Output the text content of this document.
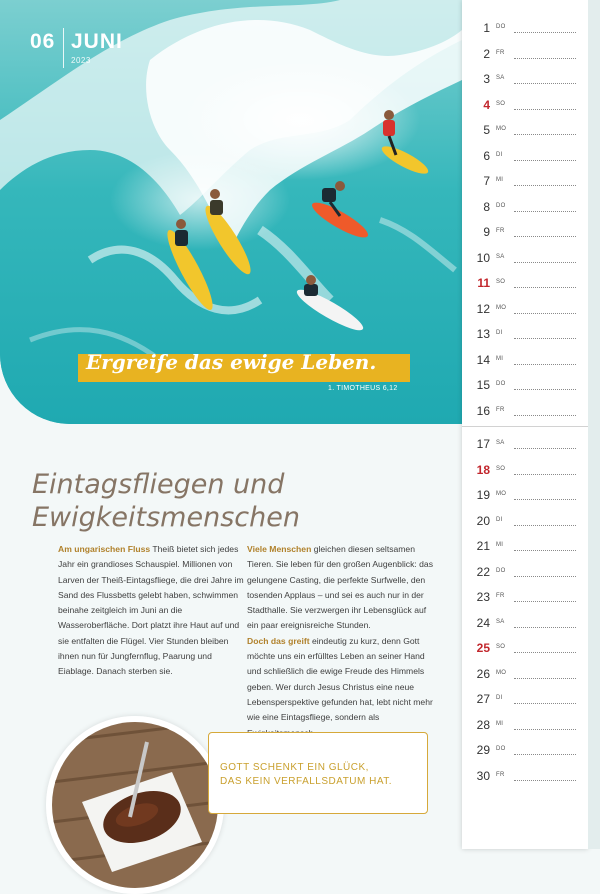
06 JUNI
2023
Ergreife das ewige Leben.
1. TIMOTHEUS 6,12
Eintagsfliegen und
Ewigkeitsmenschen

Am ungarischen Fluss Theiß bietet sich jedes Jahr ein grandioses Schauspiel. Millionen von Larven der Theiß-Eintagsfliege, die drei Jahre im Sand des Flussbetts gelebt haben, schwimmen beinahe zeitgleich im Juni an die Wasseroberfläche. Dort platzt ihre Haut auf und sie entfalten die Flügel. Vier Stunden bleiben ihnen nun für Jungfernflug, Paarung und Eiablage. Danach sterben sie.

Viele Menschen gleichen diesen seltsamen Tieren. Sie leben für den großen Augenblick: das gelungene Casting, die perfekte Surfwelle, den tosenden Applaus – und sei es auch nur in der Stadthalle. Sie verzwergen ihr Lebensglück auf ein paar ereignisreiche Stunden.

Doch das greift eindeutig zu kurz, denn Gott möchte uns ein erfülltes Leben an seiner Hand und schließlich die ewige Freude des Himmels geben. Wer durch Jesus Christus eine neue Lebensperspektive gefunden hat, lebt nicht mehr wie eine Eintagsfliege, sondern als

GOTT SCHENKT EIN GLÜCK,
DAS KEIN VERFALLSDATUM HAT.
1 DO
2 FR
3 SA
4 SO
5 MO
6 DI
7 MI
8 DO
9 FR
10 SA
11 SO
12 MO
13 DI
14 MI
15 DO
16 FR
17 SA
18 SO
19 MO
20 DI
21 MI
22 DO
23 FR
24 SA
25 SO
26 MO
27 DI
28 MI
29 DO
30 FR
